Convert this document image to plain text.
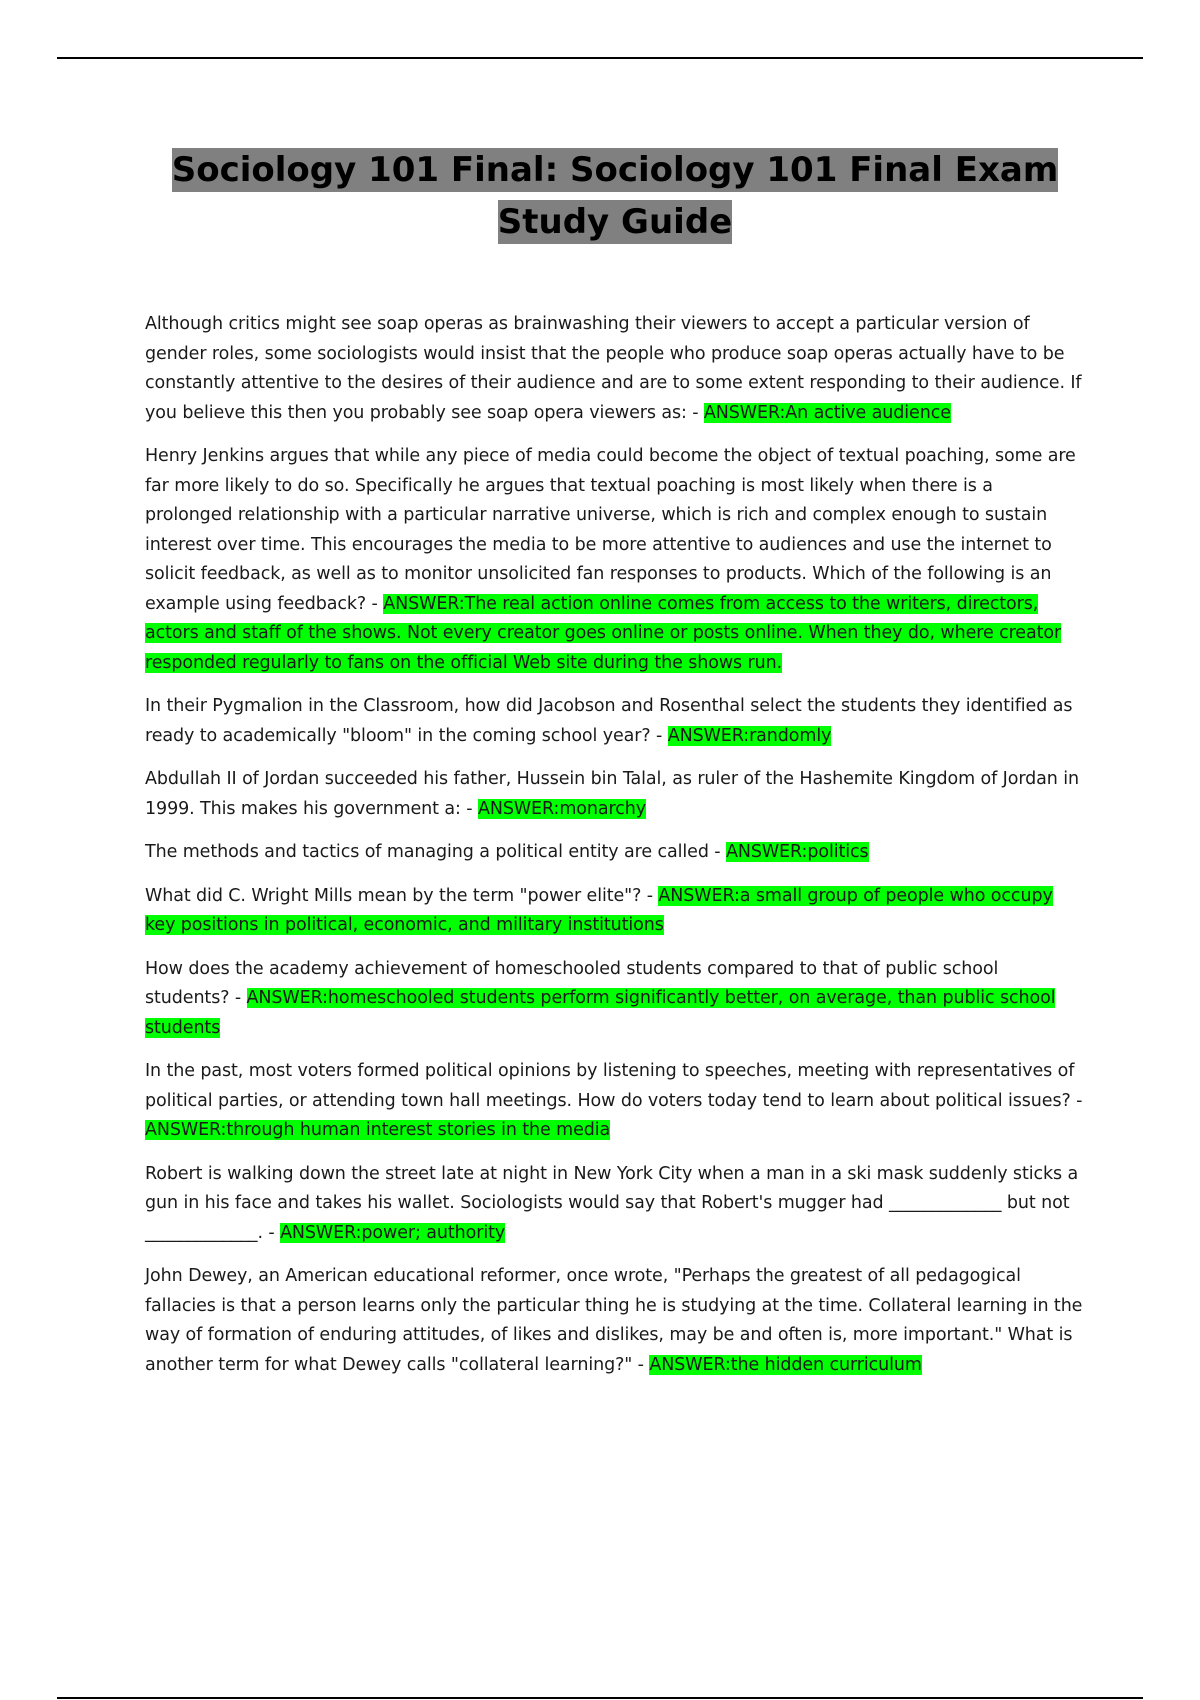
Sociology 101 Final: Sociology 101 Final Exam Study Guide

Although critics might see soap operas as brainwashing their viewers to accept a particular version of gender roles, some sociologists would insist that the people who produce soap operas actually have to be constantly attentive to the desires of their audience and are to some extent responding to their audience. If you believe this then you probably see soap opera viewers as: - ANSWER:An active audience

Henry Jenkins argues that while any piece of media could become the object of textual poaching, some are far more likely to do so. Specifically he argues that textual poaching is most likely when there is a prolonged relationship with a particular narrative universe, which is rich and complex enough to sustain interest over time. This encourages the media to be more attentive to audiences and use the internet to solicit feedback, as well as to monitor unsolicited fan responses to products. Which of the following is an example using feedback? - ANSWER:The real action online comes from access to the writers, directors, actors and staff of the shows. Not every creator goes online or posts online. When they do, where creator responded regularly to fans on the official Web site during the shows run.

In their Pygmalion in the Classroom, how did Jacobson and Rosenthal select the students they identified as ready to academically "bloom" in the coming school year? - ANSWER:randomly

Abdullah II of Jordan succeeded his father, Hussein bin Talal, as ruler of the Hashemite Kingdom of Jordan in 1999. This makes his government a: - ANSWER:monarchy

The methods and tactics of managing a political entity are called - ANSWER:politics

What did C. Wright Mills mean by the term "power elite"? - ANSWER:a small group of people who occupy key positions in political, economic, and military institutions

How does the academy achievement of homeschooled students compared to that of public school students? - ANSWER:homeschooled students perform significantly better, on average, than public school students

In the past, most voters formed political opinions by listening to speeches, meeting with representatives of political parties, or attending town hall meetings. How do voters today tend to learn about political issues? - ANSWER:through human interest stories in the media

Robert is walking down the street late at night in New York City when a man in a ski mask suddenly sticks a gun in his face and takes his wallet. Sociologists would say that Robert's mugger had _____________ but not _____________. - ANSWER:power; authority

John Dewey, an American educational reformer, once wrote, "Perhaps the greatest of all pedagogical fallacies is that a person learns only the particular thing he is studying at the time. Collateral learning in the way of formation of enduring attitudes, of likes and dislikes, may be and often is, more important." What is another term for what Dewey calls "collateral learning?" - ANSWER:the hidden curriculum
